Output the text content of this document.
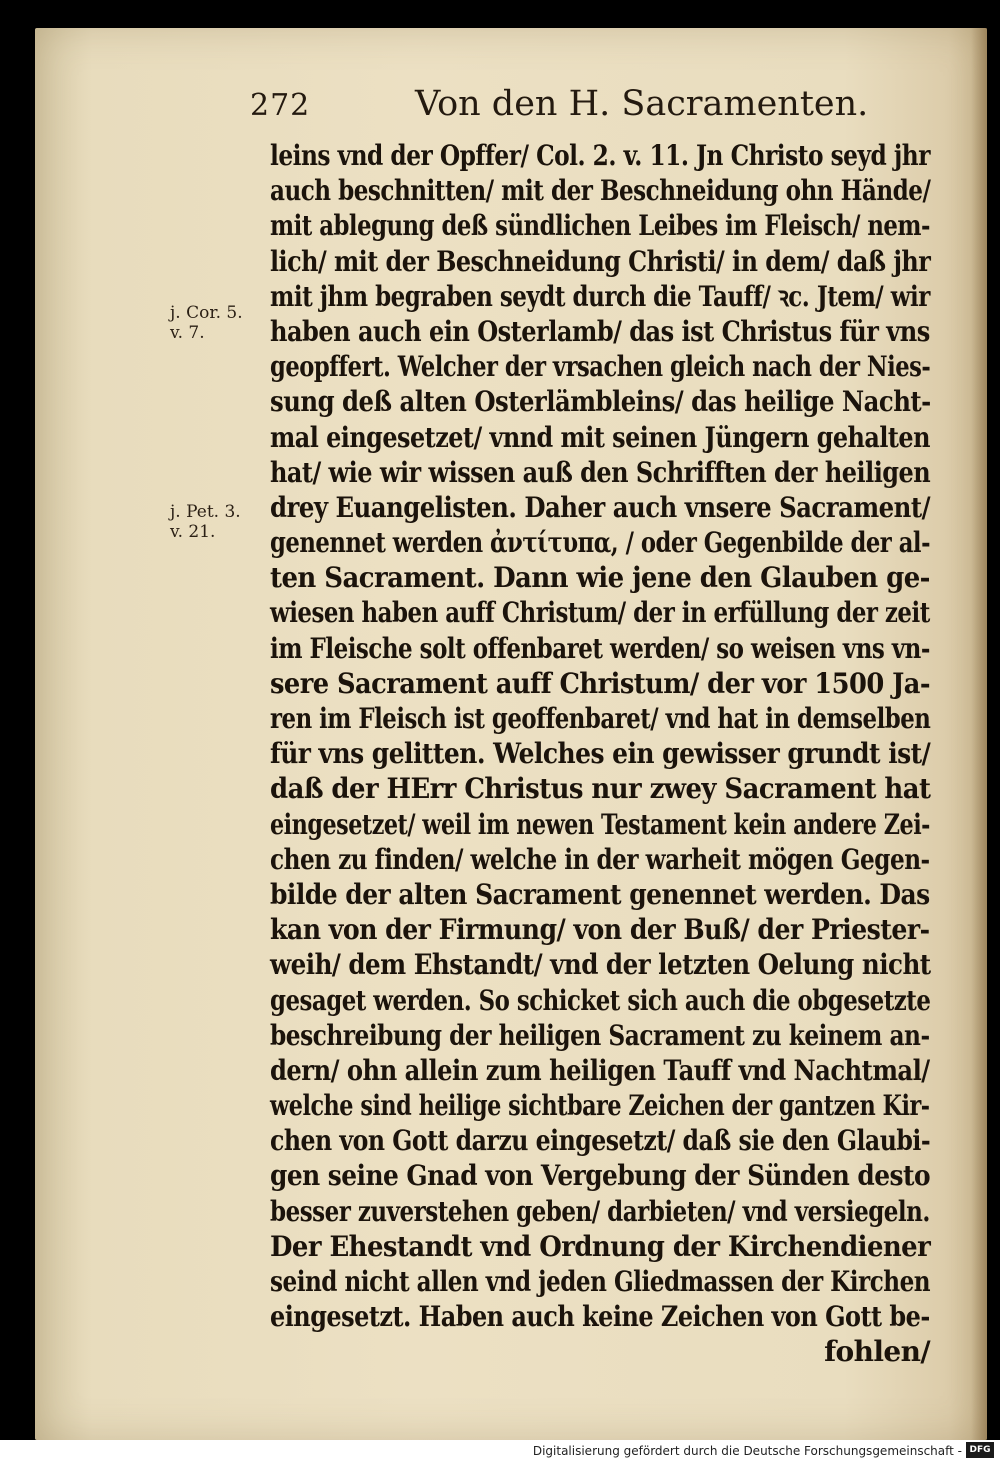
272	Von den H. Sacramenten.
j. Cor. 5.
v. 7.
j. Pet. 3.
v. 21.
leins vnd der Opffer/ Col. 2. v. 11. Jn Christo seyd jhr
auch beschnitten/ mit der Beschneidung ohn Hände/
mit ablegung deß sündlichen Leibes im Fleisch/ nem-
lich/ mit der Beschneidung Christi/ in dem/ daß jhr
mit jhm begraben seydt durch die Tauff/ ꝛc. Jtem/ wir
haben auch ein Osterlamb/ das ist Christus für vns
geopffert. Welcher der vrsachen gleich nach der Nies-
sung deß alten Osterlämbleins/ das heilige Nacht-
mal eingesetzet/ vnnd mit seinen Jüngern gehalten
hat/ wie wir wissen auß den Schrifften der heiligen
drey Euangelisten. Daher auch vnsere Sacrament/
genennet werden ἀντίτυπα, / oder Gegenbilde der al-
ten Sacrament. Dann wie jene den Glauben ge-
wiesen haben auff Christum/ der in erfüllung der zeit
im Fleische solt offenbaret werden/ so weisen vns vn-
sere Sacrament auff Christum/ der vor 1500 Ja-
ren im Fleisch ist geoffenbaret/ vnd hat in demselben
für vns gelitten. Welches ein gewisser grundt ist/
daß der HErr Christus nur zwey Sacrament hat
eingesetzet/ weil im newen Testament kein andere Zei-
chen zu finden/ welche in der warheit mögen Gegen-
bilde der alten Sacrament genennet werden. Das
kan von der Firmung/ von der Buß/ der Priester-
weih/ dem Ehstandt/ vnd der letzten Oelung nicht
gesaget werden. So schicket sich auch die obgesetzte
beschreibung der heiligen Sacrament zu keinem an-
dern/ ohn allein zum heiligen Tauff vnd Nachtmal/
welche sind heilige sichtbare Zeichen der gantzen Kir-
chen von Gott darzu eingesetzt/ daß sie den Glaubi-
gen seine Gnad von Vergebung der Sünden desto
besser zuverstehen geben/ darbieten/ vnd versiegeln.
Der Ehestandt vnd Ordnung der Kirchendiener
seind nicht allen vnd jeden Gliedmassen der Kirchen
eingesetzt. Haben auch keine Zeichen von Gott be-
fohlen/
Digitalisierung gefördert durch die Deutsche Forschungsgemeinschaft - DFG
